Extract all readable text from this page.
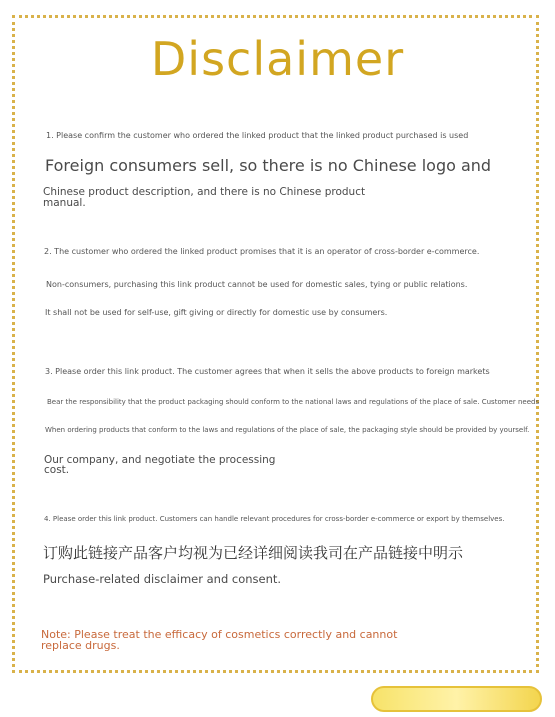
Disclaimer
1. Please confirm the customer who ordered the linked product that the linked product purchased is used
Foreign consumers sell, so there is no Chinese logo and
Chinese product description, and there is no Chinese product
manual.
2. The customer who ordered the linked product promises that it is an operator of cross-border e-commerce.
Non-consumers, purchasing this link product cannot be used for domestic sales, tying or public relations.
It shall not be used for self-use, gift giving or directly for domestic use by consumers.
3. Please order this link product. The customer agrees that when it sells the above products to foreign markets
Bear the responsibility that the product packaging should conform to the national laws and regulations of the place of sale. Customer needs
When ordering products that conform to the laws and regulations of the place of sale, the packaging style should be provided by yourself.
Our company, and negotiate the processing
cost.
4. Please order this link product. Customers can handle relevant procedures for cross-border e-commerce or export by themselves.
订购此链接产品客户均视为已经详细阅读我司在产品链接中明示
Purchase-related disclaimer and consent.
Note: Please treat the efficacy of cosmetics correctly and cannot
replace drugs.
